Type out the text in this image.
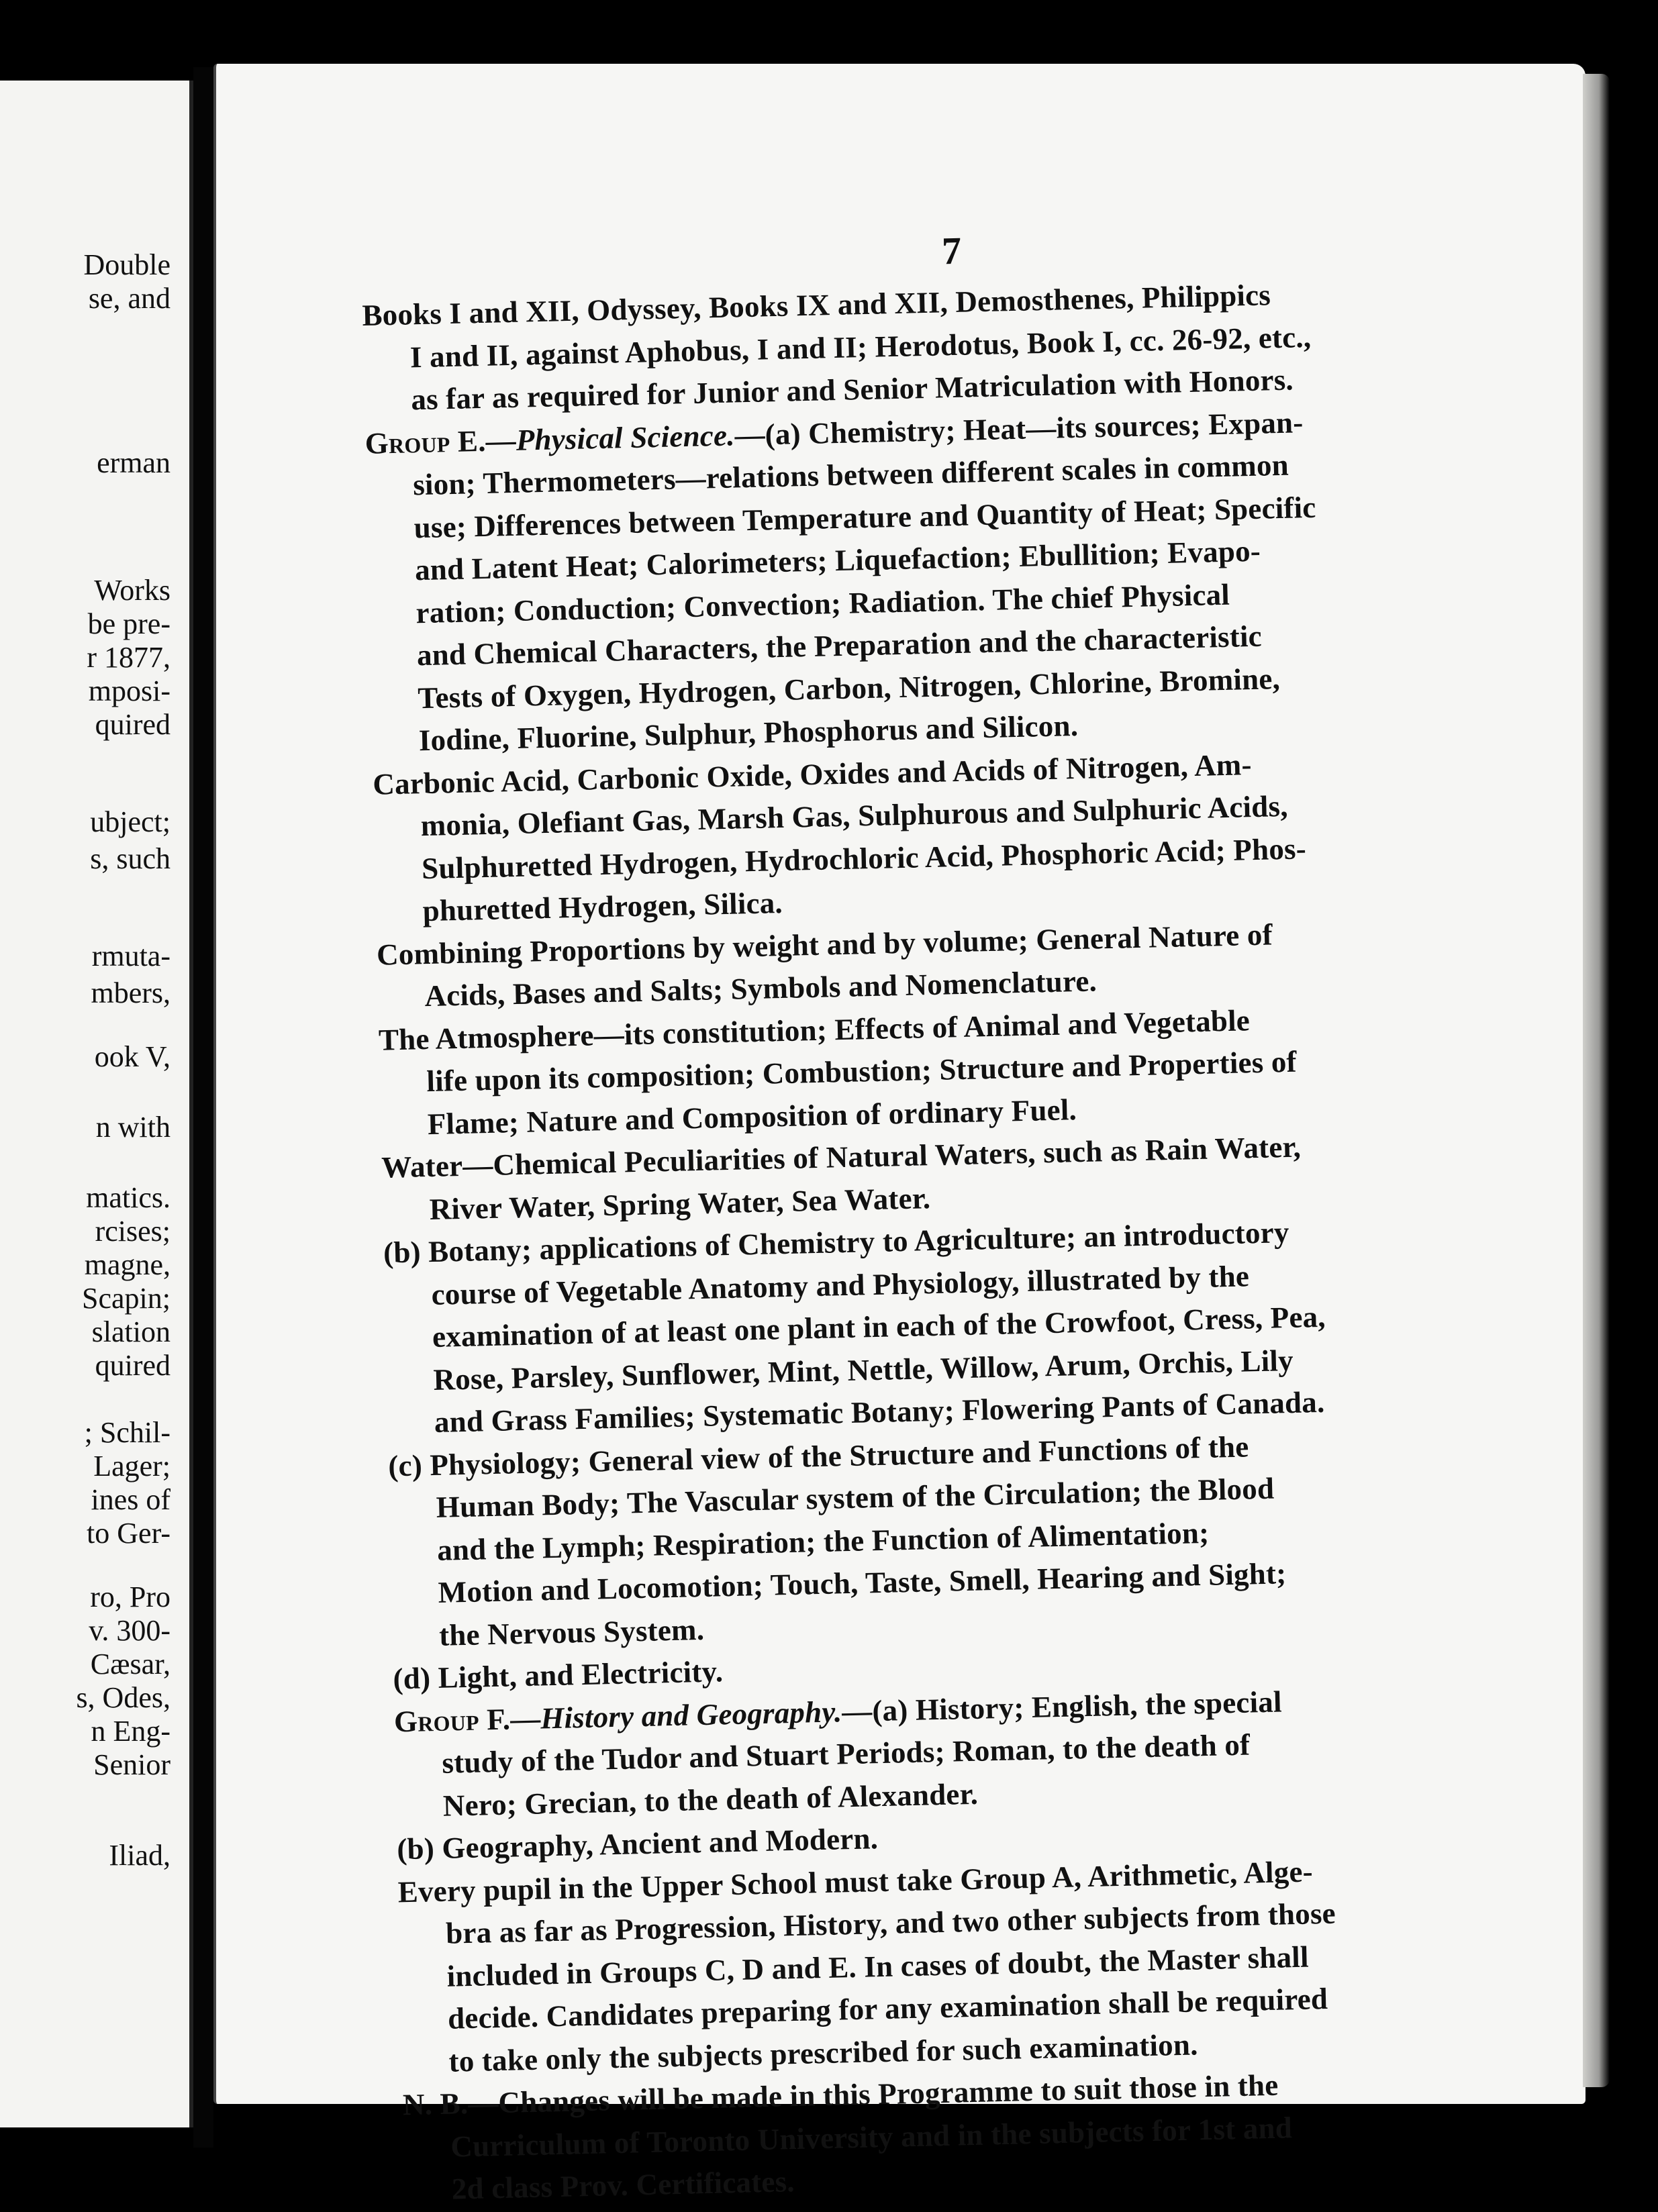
Double
se, and
erman
Works
be pre-
r 1877,
mposi-
quired
ubject;
s, such
rmuta-
mbers,
ook V,
n with
matics.
rcises;
magne,
Scapin;
slation
quired
; Schil-
Lager;
ines of
to Ger-
ro, Pro
v. 300-
Cæsar,
s, Odes,
n Eng-
Senior
Iliad,
7
Books I and XII, Odyssey, Books IX and XII, Demosthenes, Philippics
I and II, against Aphobus, I and II; Herodotus, Book I, cc. 26-92, etc.,
as far as required for Junior and Senior Matriculation with Honors.
Group E.—Physical Science.—(a) Chemistry; Heat—its sources; Expan-
sion; Thermometers—relations between different scales in common
use; Differences between Temperature and Quantity of Heat; Specific
and Latent Heat; Calorimeters; Liquefaction; Ebullition; Evapo-
ration; Conduction; Convection; Radiation. The chief Physical
and Chemical Characters, the Preparation and the characteristic
Tests of Oxygen, Hydrogen, Carbon, Nitrogen, Chlorine, Bromine,
Iodine, Fluorine, Sulphur, Phosphorus and Silicon.
Carbonic Acid, Carbonic Oxide, Oxides and Acids of Nitrogen, Am-
monia, Olefiant Gas, Marsh Gas, Sulphurous and Sulphuric Acids,
Sulphuretted Hydrogen, Hydrochloric Acid, Phosphoric Acid; Phos-
phuretted Hydrogen, Silica.
Combining Proportions by weight and by volume; General Nature of
Acids, Bases and Salts; Symbols and Nomenclature.
The Atmosphere—its constitution; Effects of Animal and Vegetable
life upon its composition; Combustion; Structure and Properties of
Flame; Nature and Composition of ordinary Fuel.
Water—Chemical Peculiarities of Natural Waters, such as Rain Water,
River Water, Spring Water, Sea Water.
(b) Botany; applications of Chemistry to Agriculture; an introductory
course of Vegetable Anatomy and Physiology, illustrated by the
examination of at least one plant in each of the Crowfoot, Cress, Pea,
Rose, Parsley, Sunflower, Mint, Nettle, Willow, Arum, Orchis, Lily
and Grass Families; Systematic Botany; Flowering Pants of Canada.
(c) Physiology; General view of the Structure and Functions of the
Human Body; The Vascular system of the Circulation; the Blood
and the Lymph; Respiration; the Function of Alimentation;
Motion and Locomotion; Touch, Taste, Smell, Hearing and Sight;
the Nervous System.
(d) Light, and Electricity.
Group F.—History and Geography.—(a) History; English, the special
study of the Tudor and Stuart Periods; Roman, to the death of
Nero; Grecian, to the death of Alexander.
(b) Geography, Ancient and Modern.
Every pupil in the Upper School must take Group A, Arithmetic, Alge-
bra as far as Progression, History, and two other subjects from those
included in Groups C, D and E. In cases of doubt, the Master shall
decide. Candidates preparing for any examination shall be required
to take only the subjects prescribed for such examination.
N. B.—Changes will be made in this Programme to suit those in the
Curriculum of Toronto University and in the subjects for 1st and
2d class Prov. Certificates.
